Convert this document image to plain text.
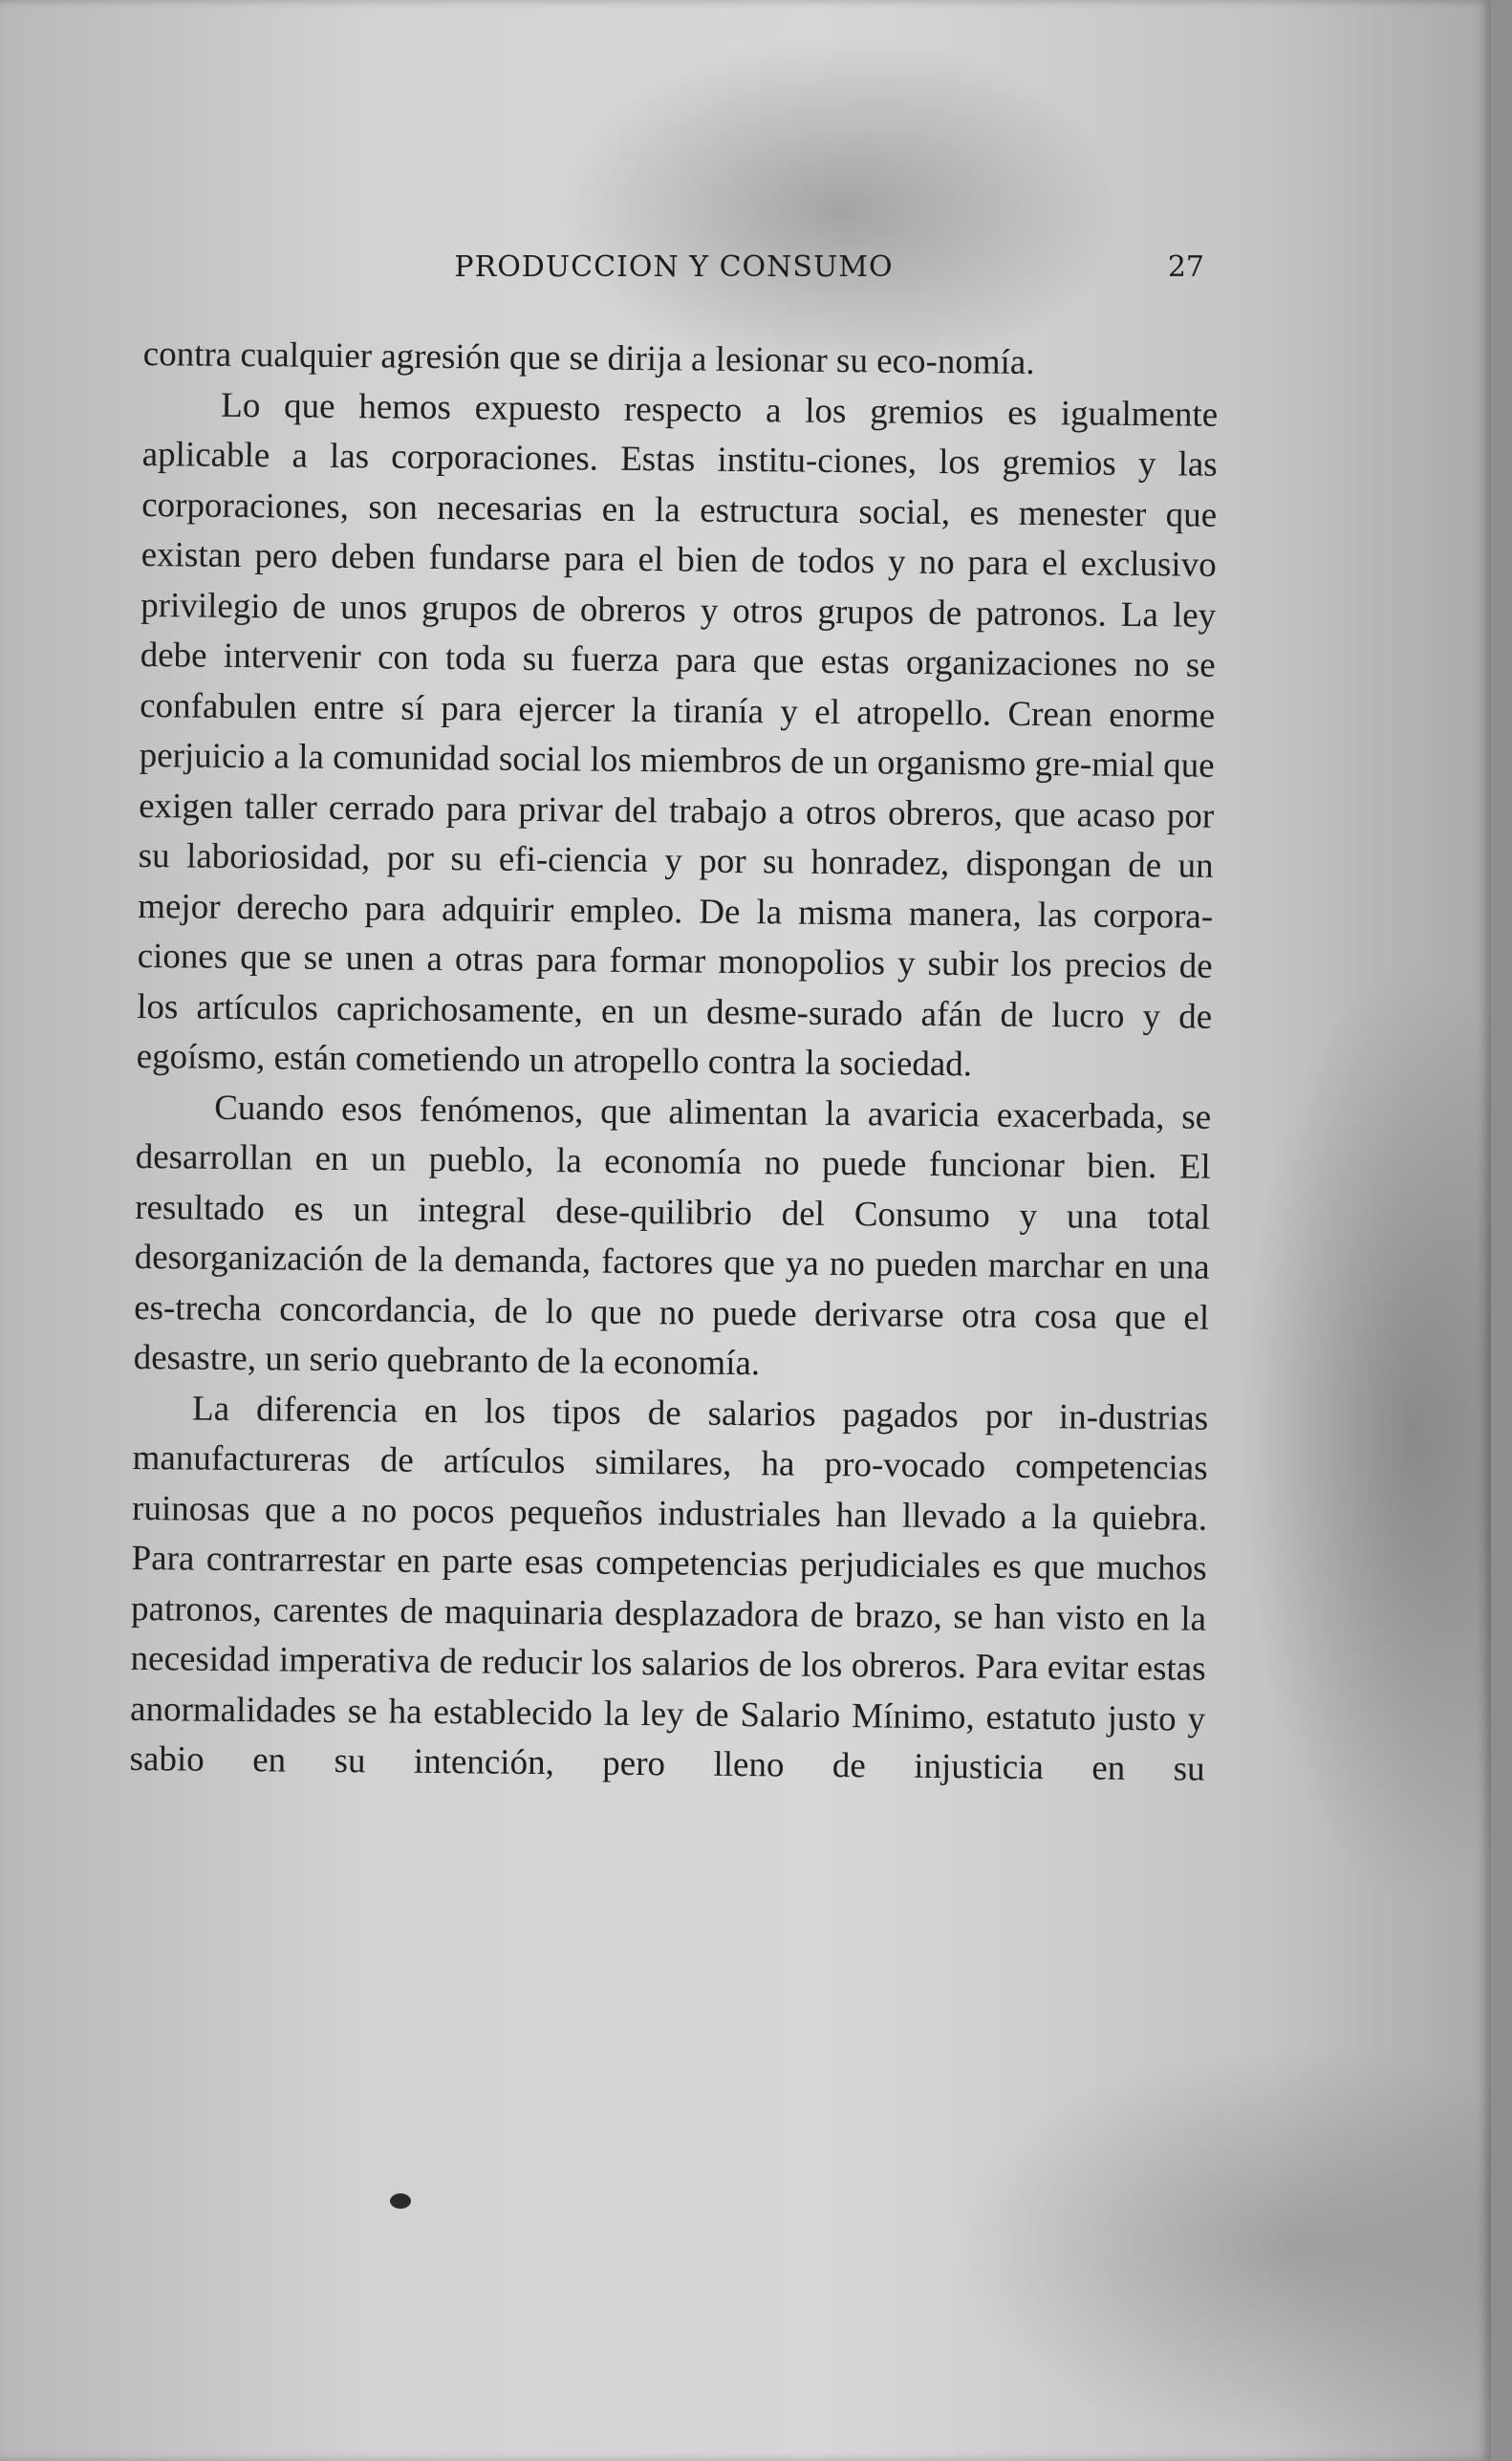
PRODUCCION Y CONSUMO	27

contra cualquier agresión que se dirija a lesionar su eco-nomía.

Lo que hemos expuesto respecto a los gremios es igualmente aplicable a las corporaciones. Estas institu-ciones, los gremios y las corporaciones, son necesarias en la estructura social, es menester que existan pero deben fundarse para el bien de todos y no para el exclusivo privilegio de unos grupos de obreros y otros grupos de patronos. La ley debe intervenir con toda su fuerza para que estas organizaciones no se confabulen entre sí para ejercer la tiranía y el atropello. Crean enorme perjuicio a la comunidad social los miembros de un organismo gre-mial que exigen taller cerrado para privar del trabajo a otros obreros, que acaso por su laboriosidad, por su efi-ciencia y por su honradez, dispongan de un mejor derecho para adquirir empleo. De la misma manera, las corpora-ciones que se unen a otras para formar monopolios y subir los precios de los artículos caprichosamente, en un desme-surado afán de lucro y de egoísmo, están cometiendo un atropello contra la sociedad.

Cuando esos fenómenos, que alimentan la avaricia exacerbada, se desarrollan en un pueblo, la economía no puede funcionar bien. El resultado es un integral dese-quilibrio del Consumo y una total desorganización de la demanda, factores que ya no pueden marchar en una es-trecha concordancia, de lo que no puede derivarse otra cosa que el desastre, un serio quebranto de la economía.

La diferencia en los tipos de salarios pagados por in-dustrias manufactureras de artículos similares, ha pro-vocado competencias ruinosas que a no pocos pequeños industriales han llevado a la quiebra. Para contrarrestar en parte esas competencias perjudiciales es que muchos patronos, carentes de maquinaria desplazadora de brazo, se han visto en la necesidad imperativa de reducir los salarios de los obreros. Para evitar estas anormalidades se ha establecido la ley de Salario Mínimo, estatuto justo y sabio en su intención, pero lleno de injusticia en su
